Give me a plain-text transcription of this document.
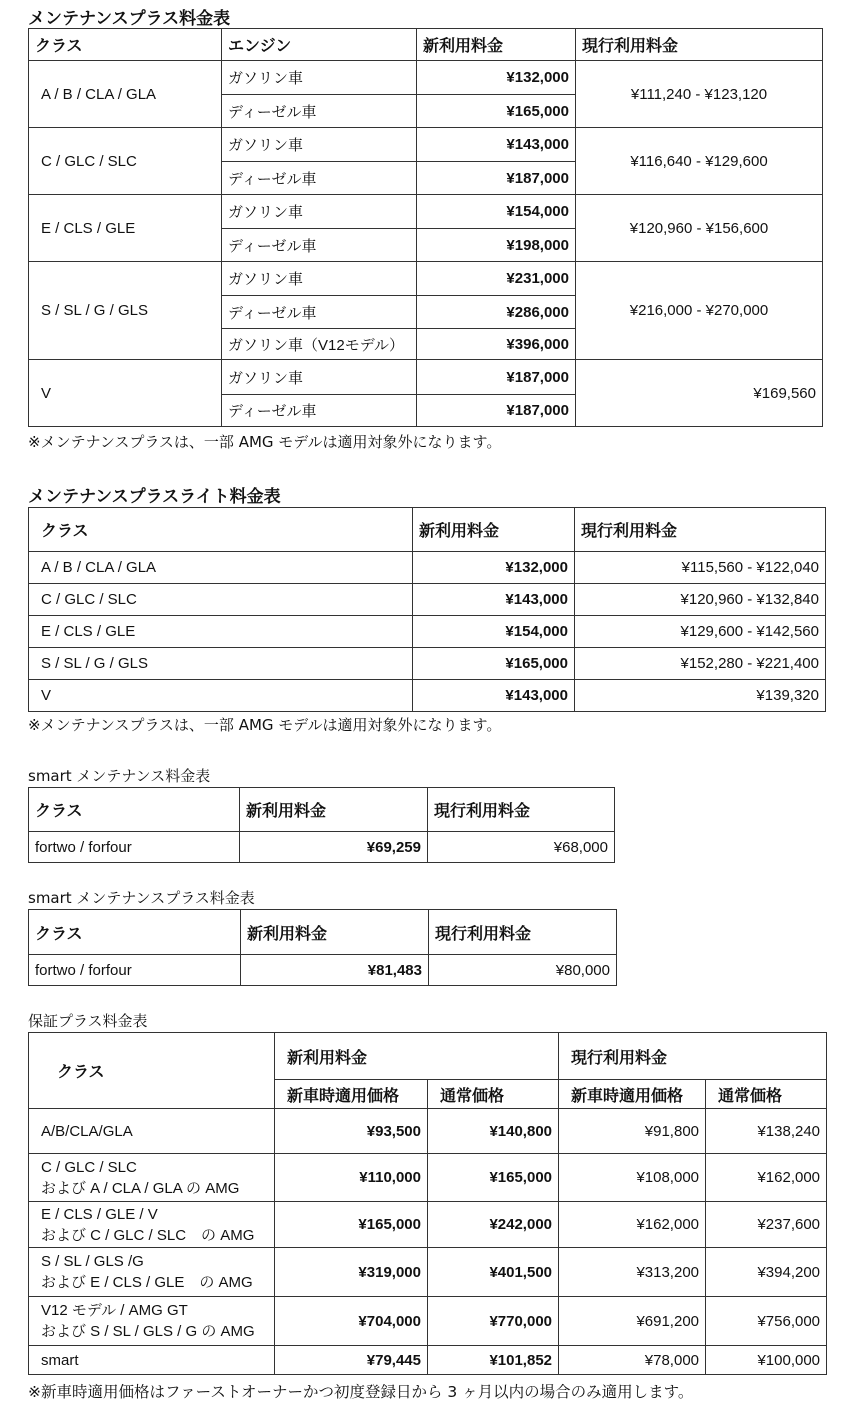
メンテナンスプラス料金表
クラス	エンジン	新利用料金	現行利用料金
A / B / CLA / GLA	ガソリン車	¥132,000	¥111,240 - ¥123,120
	ディーゼル車	¥165,000	
C / GLC / SLC	ガソリン車	¥143,000	¥116,640 - ¥129,600
	ディーゼル車	¥187,000	
E / CLS / GLE	ガソリン車	¥154,000	¥120,960 - ¥156,600
	ディーゼル車	¥198,000	
S / SL / G / GLS	ガソリン車	¥231,000	¥216,000 - ¥270,000
	ディーゼル車	¥286,000	
	ガソリン車（V12モデル）	¥396,000	
V	ガソリン車	¥187,000	¥169,560
	ディーゼル車	¥187,000	
※メンテナンスプラスは、一部 AMG モデルは適用対象外になります。
メンテナンスプラスライト料金表
クラス	新利用料金	現行利用料金
A / B / CLA / GLA	¥132,000	¥115,560 - ¥122,040
C / GLC / SLC	¥143,000	¥120,960 - ¥132,840
E / CLS / GLE	¥154,000	¥129,600 - ¥142,560
S / SL / G / GLS	¥165,000	¥152,280 - ¥221,400
V	¥143,000	¥139,320
※メンテナンスプラスは、一部 AMG モデルは適用対象外になります。
smart メンテナンス料金表
クラス	新利用料金	現行利用料金
fortwo / forfour	¥69,259	¥68,000
smart メンテナンスプラス料金表
クラス	新利用料金	現行利用料金
fortwo / forfour	¥81,483	¥80,000
保証プラス料金表
クラス	新利用料金		現行利用料金	
	新車時適用価格	通常価格	新車時適用価格	通常価格

A/B/CLA/GLA	¥93,500	¥140,800	¥91,800	¥138,240

C / GLC / SLC
および A / CLA / GLA の AMG	¥110,000	¥165,000	¥108,000	¥162,000

E / CLS / GLE / V
および C / GLC / SLC　の AMG	¥165,000	¥242,000	¥162,000	¥237,600

S / SL / GLS /G
および E / CLS / GLE　の AMG	¥319,000	¥401,500	¥313,200	¥394,200

V12 モデル / AMG GT
および S / SL / GLS / G の AMG	¥704,000	¥770,000	¥691,200	¥756,000

smart	¥79,445	¥101,852	¥78,000	¥100,000
※新車時適用価格はファーストオーナーかつ初度登録日から 3 ヶ月以内の場合のみ適用します。
